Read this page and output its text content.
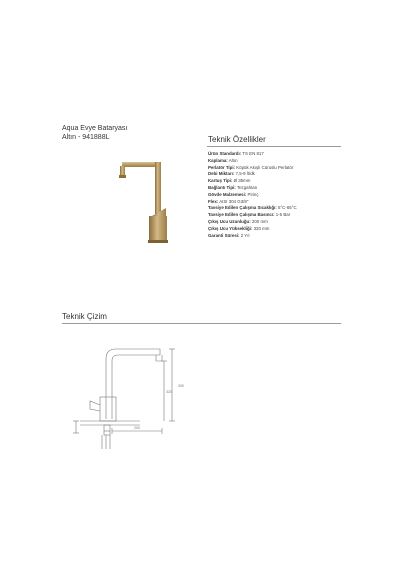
Aqua Evye Bataryası
Altın - 941888L	Teknik Özellikler
Ürün Standardı: TS EN 817
Kaplama: Altın
Perlatör Tipi: Köpük Akışlı Cüruslu Perlatör
Debi Miktarı: 7,5-9 lt/dk
Kartuş Tipi: Ø 35mm
Bağlantı Tipi: Tezgahtan
Gövde Malzemesi: Pirinç
Flex: AISI 304 G3/8"
Tavsiye Edilen Çalışma Sıcaklığı: 5°C-65°C
Tavsiye Edilen Çalışma Basıncı: 1-5 Bar
Çıkış Ucu Uzunluğu: 200 mm
Çıkış Ucu Yüksekliği: 320 mm
Garanti Süresi: 2 Yıl
Teknik Çizim
390
320
200
